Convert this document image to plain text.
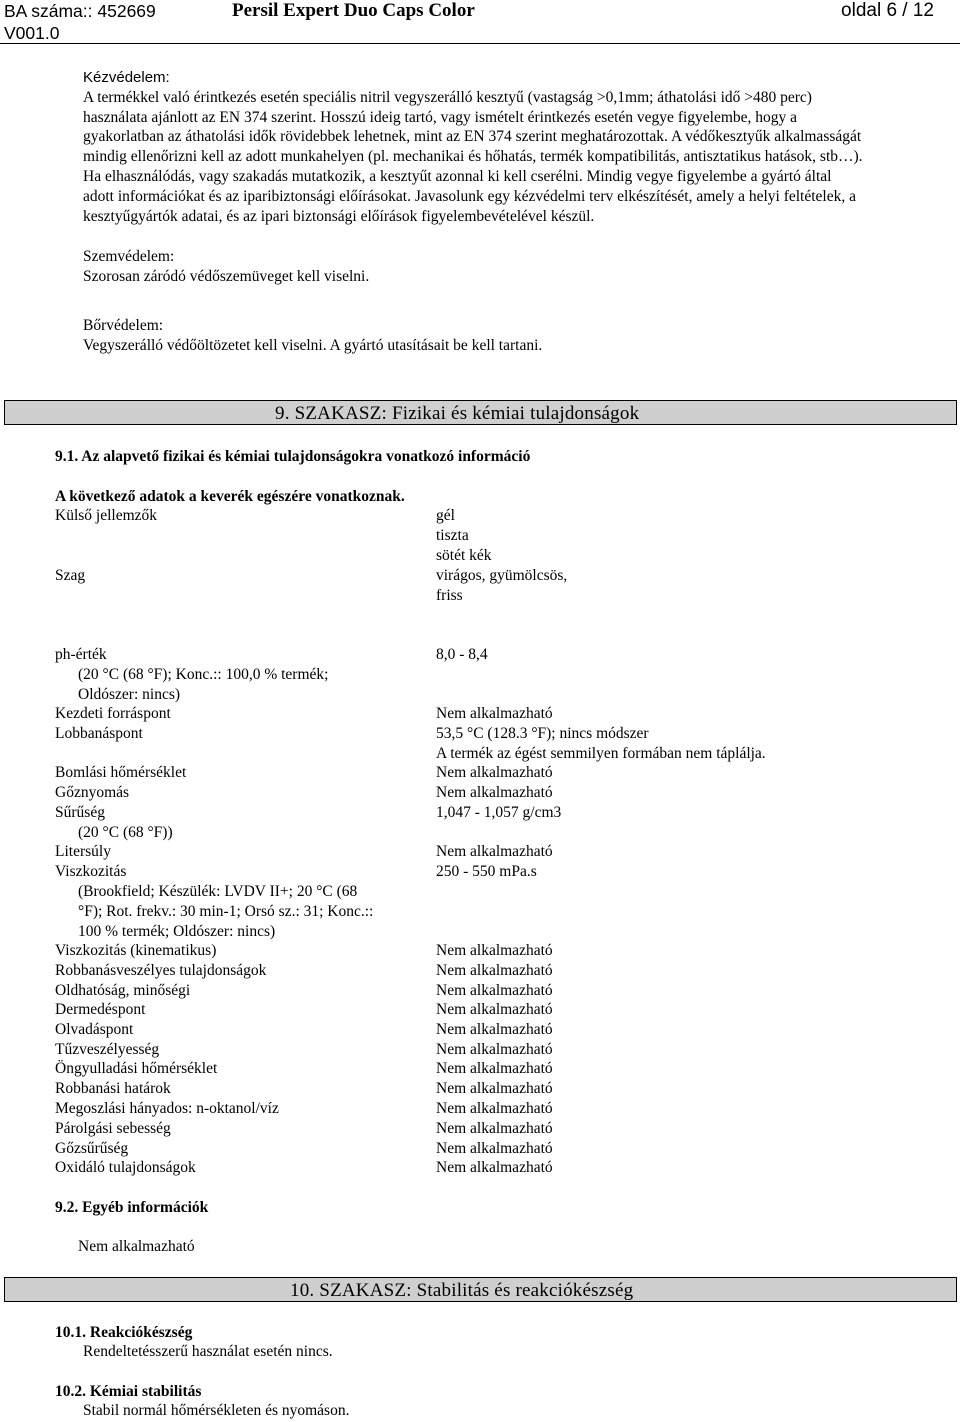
BA száma:: 452669
V001.0
Persil Expert Duo Caps Color	oldal 6 / 12

Kézvédelem:

A termékkel való érintkezés esetén speciális nitril vegyszerálló kesztyű (vastagság >0,1mm; áthatolási idő >480 perc)

használata ajánlott az EN 374 szerint. Hosszú ideig tartó, vagy ismételt érintkezés esetén vegye figyelembe, hogy a

gyakorlatban az áthatolási idők rövidebbek lehetnek, mint az EN 374 szerint meghatározottak. A védőkesztyűk alkalmasságát

mindig ellenőrizni kell az adott munkahelyen (pl. mechanikai és hőhatás, termék kompatibilitás, antisztatikus hatások, stb…).

Ha elhasználódás, vagy szakadás mutatkozik, a kesztyűt azonnal ki kell cserélni. Mindig vegye figyelembe a gyártó által

adott információkat és az iparibiztonsági előírásokat. Javasolunk egy kézvédelmi terv elkészítését, amely a helyi feltételek, a

kesztyűgyártók adatai, és az ipari biztonsági előírások figyelembevételével készül.

Szemvédelem:

Szorosan záródó védőszemüveget kell viselni.

Bőrvédelem:

Vegyszerálló védőöltözetet kell viselni. A gyártó utasításait be kell tartani.

9. SZAKASZ: Fizikai és kémiai tulajdonságok
9.1. Az alapvető fizikai és kémiai tulajdonságokra vonatkozó információ
A következő adatok a keverék egészére vonatkoznak.
Külső jellemzők	gél
tiszta
sötét kék
Szag	virágos, gyümölcsös,
friss
ph-érték	8,0 - 8,4
(20 °C (68 °F); Konc.:: 100,0 % termék;
Oldószer: nincs)
Kezdeti forráspont	Nem alkalmazható
Lobbanáspont	53,5 °C (128.3 °F); nincs módszer
A termék az égést semmilyen formában nem táplálja.
Bomlási hőmérséklet	Nem alkalmazható
Gőznyomás	Nem alkalmazható
Sűrűség	1,047 - 1,057 g/cm3
(20 °C (68 °F))
Litersúly	Nem alkalmazható
Viszkozitás	250 - 550 mPa.s
(Brookfield; Készülék: LVDV II+; 20 °C (68
°F); Rot. frekv.: 30 min-1; Orsó sz.: 31; Konc.::
100 % termék; Oldószer: nincs)
Viszkozitás (kinematikus)	Nem alkalmazható
Robbanásveszélyes tulajdonságok	Nem alkalmazható
Oldhatóság, minőségi	Nem alkalmazható
Dermedéspont	Nem alkalmazható
Olvadáspont	Nem alkalmazható
Tűzveszélyesség	Nem alkalmazható
Öngyulladási hőmérséklet	Nem alkalmazható
Robbanási határok	Nem alkalmazható
Megoszlási hányados: n-oktanol/víz	Nem alkalmazható
Párolgási sebesség	Nem alkalmazható
Gőzsűrűség	Nem alkalmazható
Oxidáló tulajdonságok	Nem alkalmazható
9.2. Egyéb információk
Nem alkalmazható
10. SZAKASZ: Stabilitás és reakciókészség
10.1. Reakciókészség
Rendeltetésszerű használat esetén nincs.
10.2. Kémiai stabilitás
Stabil normál hőmérsékleten és nyomáson.
